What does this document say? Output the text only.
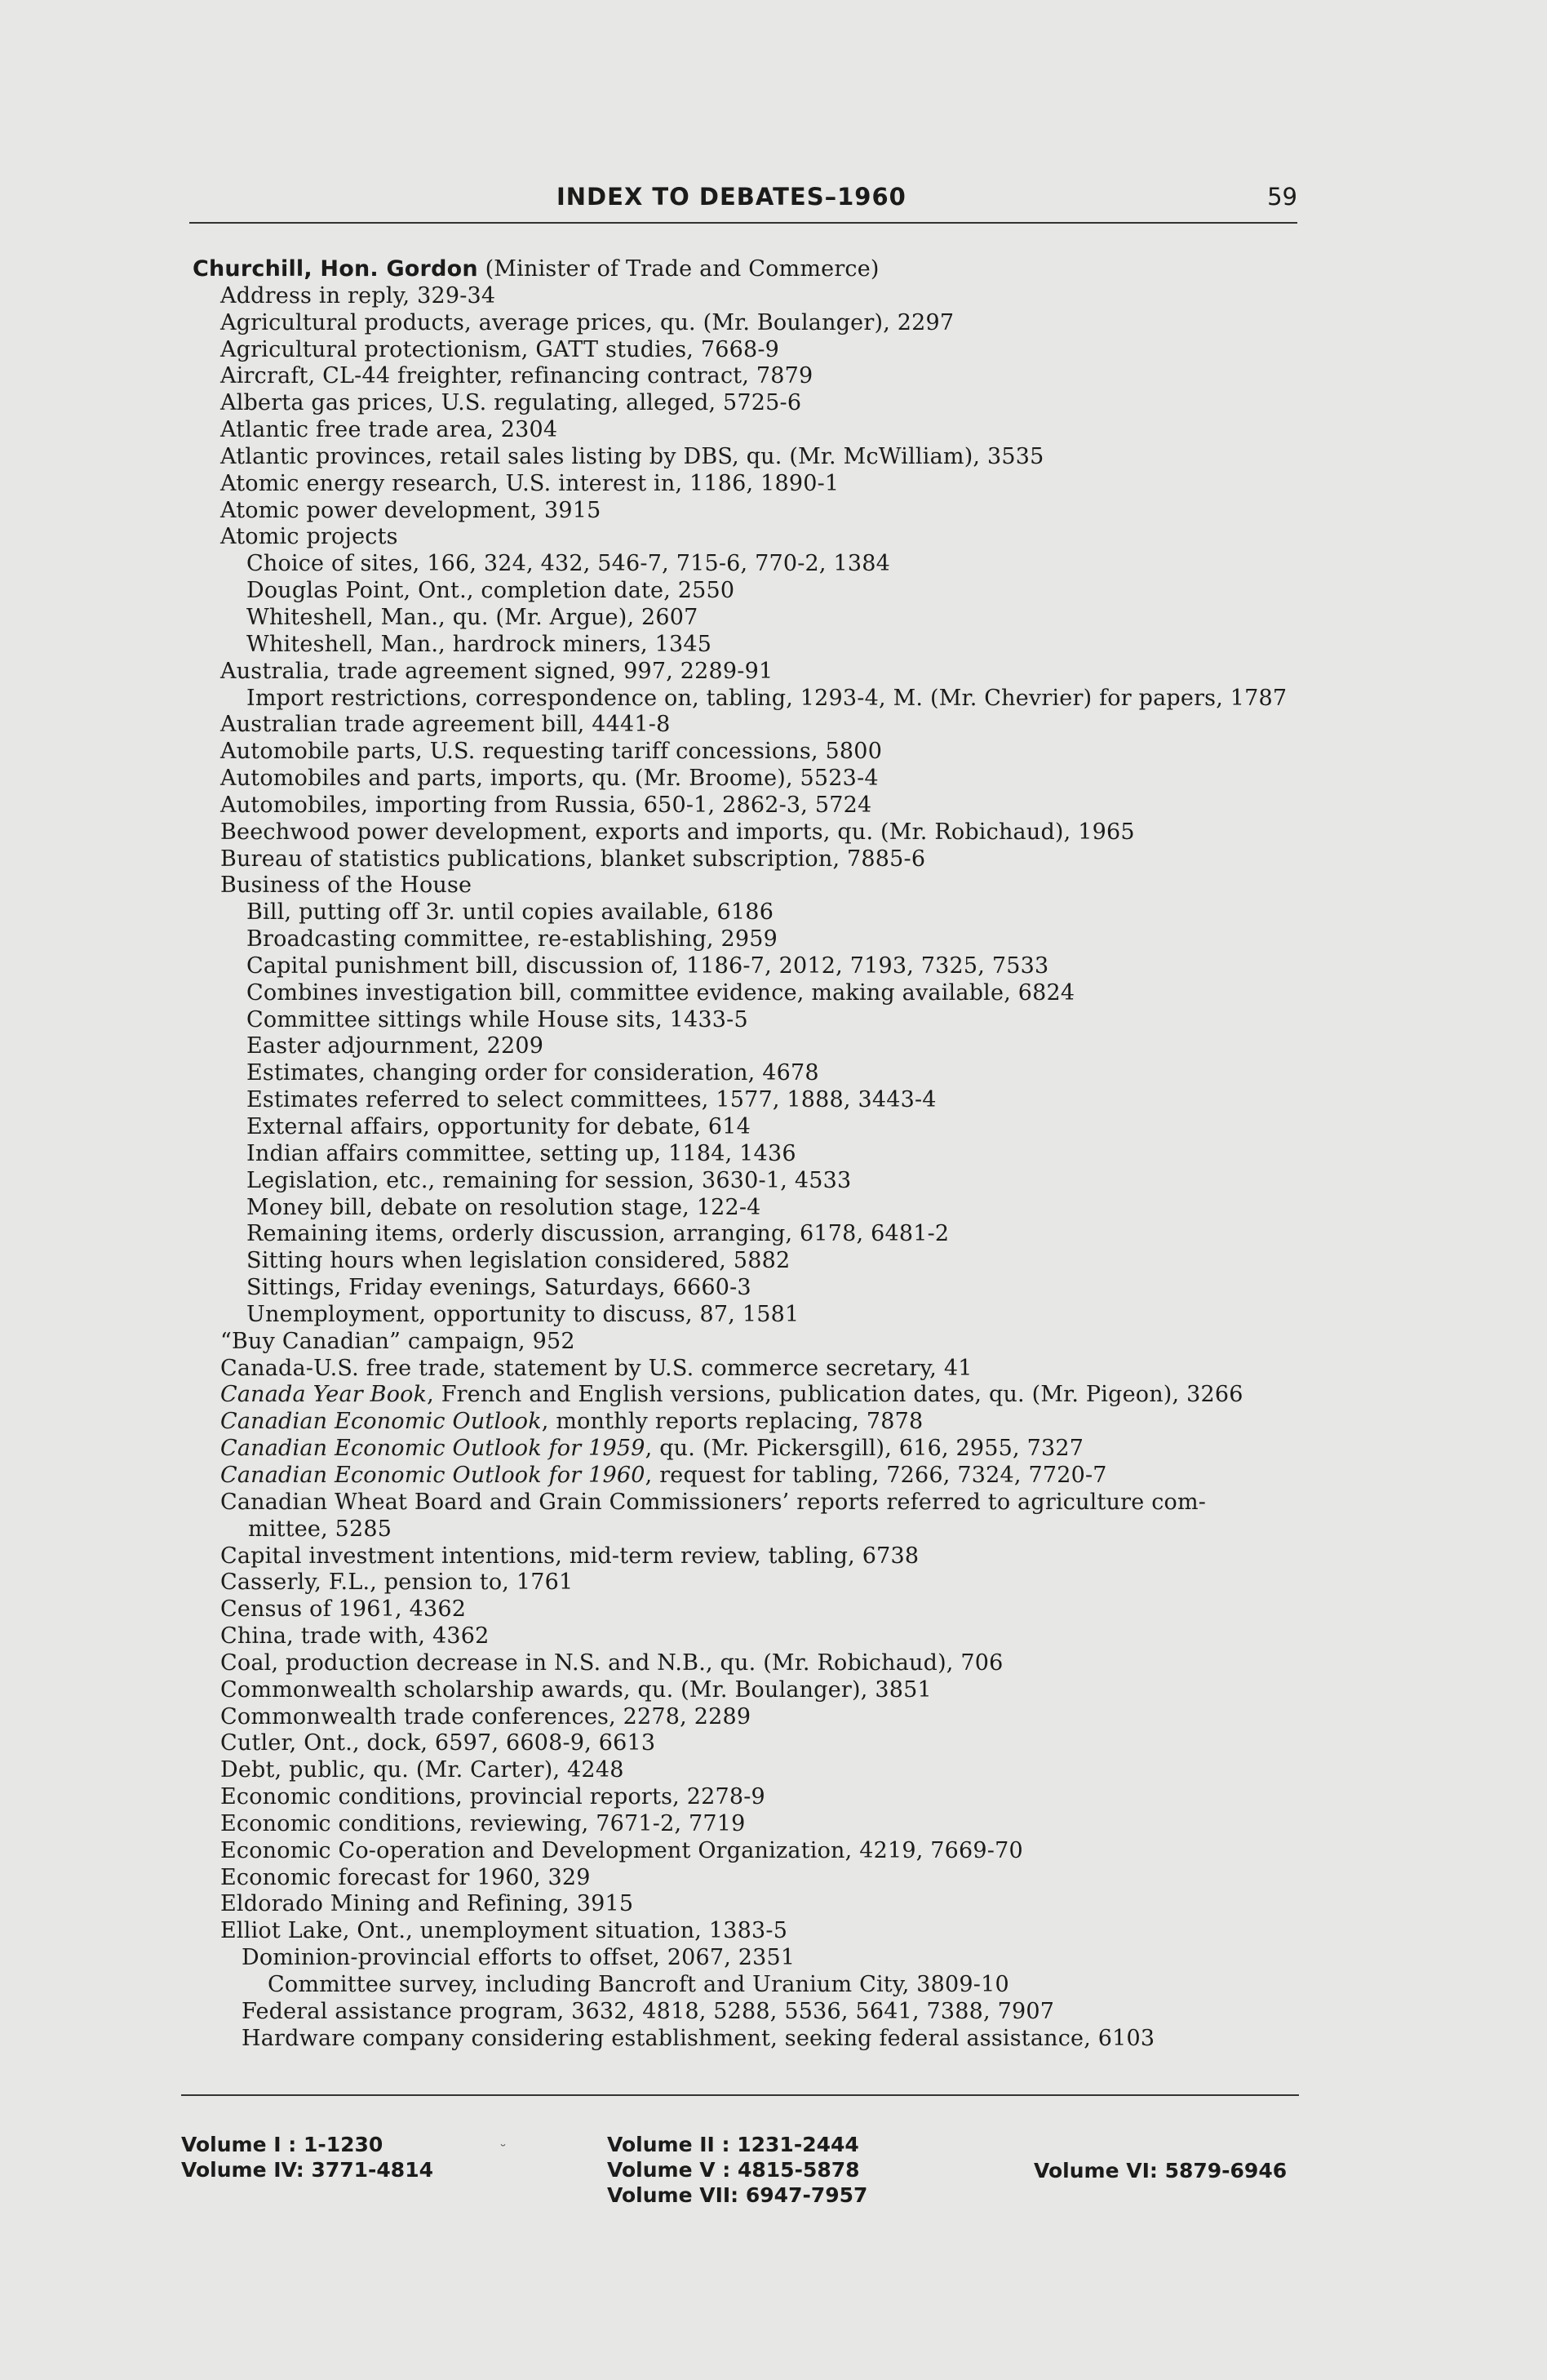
INDEX TO DEBATES–1960	59
Churchill, Hon. Gordon (Minister of Trade and Commerce)
Address in reply, 329-34
Agricultural products, average prices, qu. (Mr. Boulanger), 2297
Agricultural protectionism, GATT studies, 7668-9
Aircraft, CL-44 freighter, refinancing contract, 7879
Alberta gas prices, U.S. regulating, alleged, 5725-6
Atlantic free trade area, 2304
Atlantic provinces, retail sales listing by DBS, qu. (Mr. McWilliam), 3535
Atomic energy research, U.S. interest in, 1186, 1890-1
Atomic power development, 3915
Atomic projects
Choice of sites, 166, 324, 432, 546-7, 715-6, 770-2, 1384
Douglas Point, Ont., completion date, 2550
Whiteshell, Man., qu. (Mr. Argue), 2607
Whiteshell, Man., hardrock miners, 1345
Australia, trade agreement signed, 997, 2289-91
Import restrictions, correspondence on, tabling, 1293-4, M. (Mr. Chevrier) for papers, 1787
Australian trade agreement bill, 4441-8
Automobile parts, U.S. requesting tariff concessions, 5800
Automobiles and parts, imports, qu. (Mr. Broome), 5523-4
Automobiles, importing from Russia, 650-1, 2862-3, 5724
Beechwood power development, exports and imports, qu. (Mr. Robichaud), 1965
Bureau of statistics publications, blanket subscription, 7885-6
Business of the House
Bill, putting off 3r. until copies available, 6186
Broadcasting committee, re-establishing, 2959
Capital punishment bill, discussion of, 1186-7, 2012, 7193, 7325, 7533
Combines investigation bill, committee evidence, making available, 6824
Committee sittings while House sits, 1433-5
Easter adjournment, 2209
Estimates, changing order for consideration, 4678
Estimates referred to select committees, 1577, 1888, 3443-4
External affairs, opportunity for debate, 614
Indian affairs committee, setting up, 1184, 1436
Legislation, etc., remaining for session, 3630-1, 4533
Money bill, debate on resolution stage, 122-4
Remaining items, orderly discussion, arranging, 6178, 6481-2
Sitting hours when legislation considered, 5882
Sittings, Friday evenings, Saturdays, 6660-3
Unemployment, opportunity to discuss, 87, 1581
“Buy Canadian” campaign, 952
Canada-U.S. free trade, statement by U.S. commerce secretary, 41
Canada Year Book, French and English versions, publication dates, qu. (Mr. Pigeon), 3266
Canadian Economic Outlook, monthly reports replacing, 7878
Canadian Economic Outlook for 1959, qu. (Mr. Pickersgill), 616, 2955, 7327
Canadian Economic Outlook for 1960, request for tabling, 7266, 7324, 7720-7
Canadian Wheat Board and Grain Commissioners’ reports referred to agriculture com-
mittee, 5285
Capital investment intentions, mid-term review, tabling, 6738
Casserly, F.L., pension to, 1761
Census of 1961, 4362
China, trade with, 4362
Coal, production decrease in N.S. and N.B., qu. (Mr. Robichaud), 706
Commonwealth scholarship awards, qu. (Mr. Boulanger), 3851
Commonwealth trade conferences, 2278, 2289
Cutler, Ont., dock, 6597, 6608-9, 6613
Debt, public, qu. (Mr. Carter), 4248
Economic conditions, provincial reports, 2278-9
Economic conditions, reviewing, 7671-2, 7719
Economic Co-operation and Development Organization, 4219, 7669-70
Economic forecast for 1960, 329
Eldorado Mining and Refining, 3915
Elliot Lake, Ont., unemployment situation, 1383-5
Dominion-provincial efforts to offset, 2067, 2351
Committee survey, including Bancroft and Uranium City, 3809-10
Federal assistance program, 3632, 4818, 5288, 5536, 5641, 7388, 7907
Hardware company considering establishment, seeking federal assistance, 6103
Volume I : 1-1230
Volume IV: 3771-4814
˘	Volume II : 1231-2444
Volume V : 4815-5878
Volume VII: 6947-7957
Volume VI: 5879-6946
